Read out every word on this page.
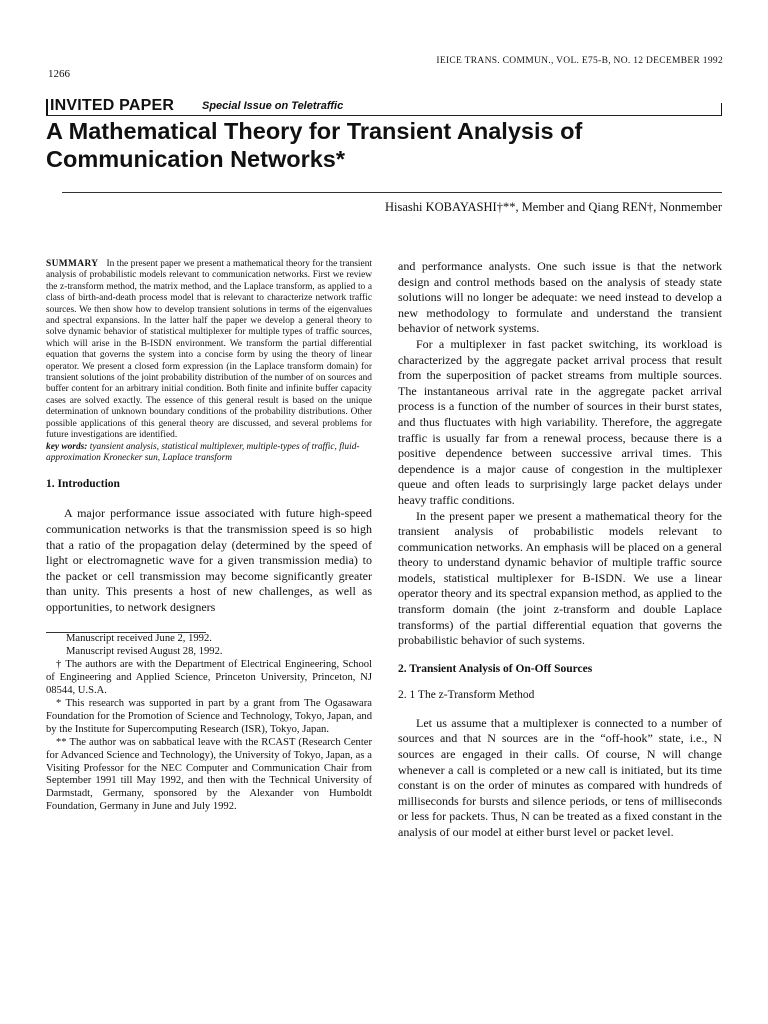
1266
IEICE TRANS. COMMUN., VOL. E75-B, NO. 12 DECEMBER 1992
INVITED PAPER	Special Issue on Teletraffic
A Mathematical Theory for Transient Analysis of
Communication Networks*
Hisashi KOBAYASHI†**, Member and Qiang REN†, Nonmember

SUMMARY In the present paper we present a mathematical theory for the transient analysis of probabilistic models relevant to communication networks. First we review the z-transform method, the matrix method, and the Laplace transform, as applied to a class of birth-and-death process model that is relevant to characterize network traffic sources. We then show how to develop transient solutions in terms of the eigenvalues and spectral expansions. In the latter half the paper we develop a general theory to solve dynamic behavior of statistical multiplexer for multiple types of traffic sources, which will arise in the B-ISDN environment. We transform the partial differential equation that governs the system into a concise form by using the theory of linear operator. We present a closed form expression (in the Laplace transform domain) for transient solutions of the joint probability distribution of the number of on sources and buffer content for an arbitrary initial condition. Both finite and infinite buffer capacity cases are solved exactly. The essence of this general result is based on the unique determination of unknown boundary conditions of the probability distributions. Other possible applications of this general theory are discussed, and several problems for future investigations are identified.

key words: tyansient analysis, statistical multiplexer, multiple-types of traffic, fluid-approximation Kronecker sun, Laplace transform

1. Introduction

A major performance issue associated with future high-speed communication networks is that the transmission speed is so high that a ratio of the propagation delay (determined by the speed of light or electromagnetic wave for a given transmission media) to the packet or cell transmission may become significantly greater than unity. This presents a host of new challenges, as well as opportunities, to network designers

Manuscript received June 2, 1992.

Manuscript revised August 28, 1992.

† The authors are with the Department of Electrical Engineering, School of Engineering and Applied Science, Princeton University, Princeton, NJ 08544, U.S.A.

* This research was supported in part by a grant from The Ogasawara Foundation for the Promotion of Science and Technology, Tokyo, Japan, and by the Institute for Supercomputing Research (ISR), Tokyo, Japan.

** The author was on sabbatical leave with the RCAST (Research Center for Advanced Science and Technology), the University of Tokyo, Japan, as a Visiting Professor for the NEC Computer and Communication Chair from September 1991 till May 1992, and then with the Technical University of Darmstadt, Germany, sponsored by the Alexander von Humboldt Foundation, Germany in June and July 1992.

and performance analysts. One such issue is that the network design and control methods based on the analysis of steady state solutions will no longer be adequate: we need instead to develop a new methodology to formulate and understand the transient behavior of network systems.

For a multiplexer in fast packet switching, its workload is characterized by the aggregate packet arrival process that result from the superposition of packet streams from multiple sources. The instantaneous arrival rate in the aggregate packet arrival process is a function of the number of sources in their burst states, and thus fluctuates with high variability. Therefore, the aggregate traffic is usually far from a renewal process, because there is a positive dependence between successive arrival times. This dependence is a major cause of congestion in the multiplexer queue and often leads to surprisingly large packet delays under heavy traffic conditions.

In the present paper we present a mathematical theory for the transient analysis of probabilistic models relevant to communication networks. An emphasis will be placed on a general theory to understand dynamic behavior of multiple traffic source models, statistical multiplexer for B-ISDN. We use a linear operator theory and its spectral expansion method, as applied to the transform domain (the joint z-transform and double Laplace transforms) of the partial differential equation that governs the probabilistic behavior of such systems.

2. Transient Analysis of On-Off Sources

2. 1 The z-Transform Method

Let us assume that a multiplexer is connected to a number of sources and that N sources are in the “off-hook” state, i.e., N sources are engaged in their calls. Of course, N will change whenever a call is completed or a new call is initiated, but its time constant is on the order of minutes as compared with hundreds of milliseconds for bursts and silence periods, or tens of milliseconds or less for packets. Thus, N can be treated as a fixed constant in the analysis of our model at either burst level or packet level.
